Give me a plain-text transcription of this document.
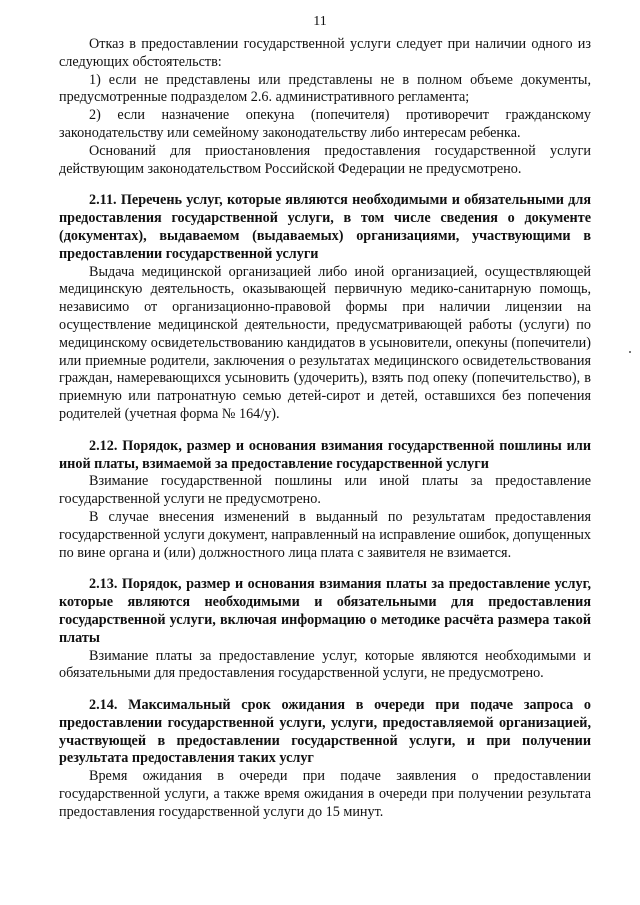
11

Отказ в предоставлении государственной услуги следует при наличии одного из следующих обстоятельств:

1) если не представлены или представлены не в полном объеме документы, предусмотренные подразделом 2.6. административного регламента;

2) если назначение опекуна (попечителя) противоречит гражданскому законодательству или семейному законодательству либо интересам ребенка.

Оснований для приостановления предоставления государственной услуги действующим законодательством Российской Федерации не предусмотрено.

2.11. Перечень услуг, которые являются необходимыми и обязательными для предоставления государственной услуги, в том числе сведения о документе (документах), выдаваемом (выдаваемых) организациями, участвующими в предоставлении государственной услуги

Выдача медицинской организацией либо иной организацией, осуществляющей медицинскую деятельность, оказывающей первичную медико-санитарную помощь, независимо от организационно-правовой формы при наличии лицензии на осуществление медицинской деятельности, предусматривающей работы (услуги) по медицинскому освидетельствованию кандидатов в усыновители, опекуны (попечители) или приемные родители, заключения о результатах медицинского освидетельствования граждан, намеревающихся усыновить (удочерить), взять под опеку (попечительство), в приемную или патронатную семью детей-сирот и детей, оставшихся без попечения родителей (учетная форма № 164/у).

2.12. Порядок, размер и основания взимания государственной пошлины или иной платы, взимаемой за предоставление государственной услуги

Взимание государственной пошлины или иной платы за предоставление государственной услуги не предусмотрено.

В случае внесения изменений в выданный по результатам предоставления государственной услуги документ, направленный на исправление ошибок, допущенных по вине органа и (или) должностного лица плата с заявителя не взимается.

2.13. Порядок, размер и основания взимания платы за предоставление услуг, которые являются необходимыми и обязательными для предоставления государственной услуги, включая информацию о методике расчёта размера такой платы

Взимание платы за предоставление услуг, которые являются необходимыми и обязательными для предоставления государственной услуги, не предусмотрено.

2.14. Максимальный срок ожидания в очереди при подаче запроса о предоставлении государственной услуги, услуги, предоставляемой организацией, участвующей в предоставлении государственной услуги, и при получении результата предоставления таких услуг

Время ожидания в очереди при подаче заявления о предоставлении государственной услуги, а также время ожидания в очереди при получении результата предоставления государственной услуги до 15 минут.
